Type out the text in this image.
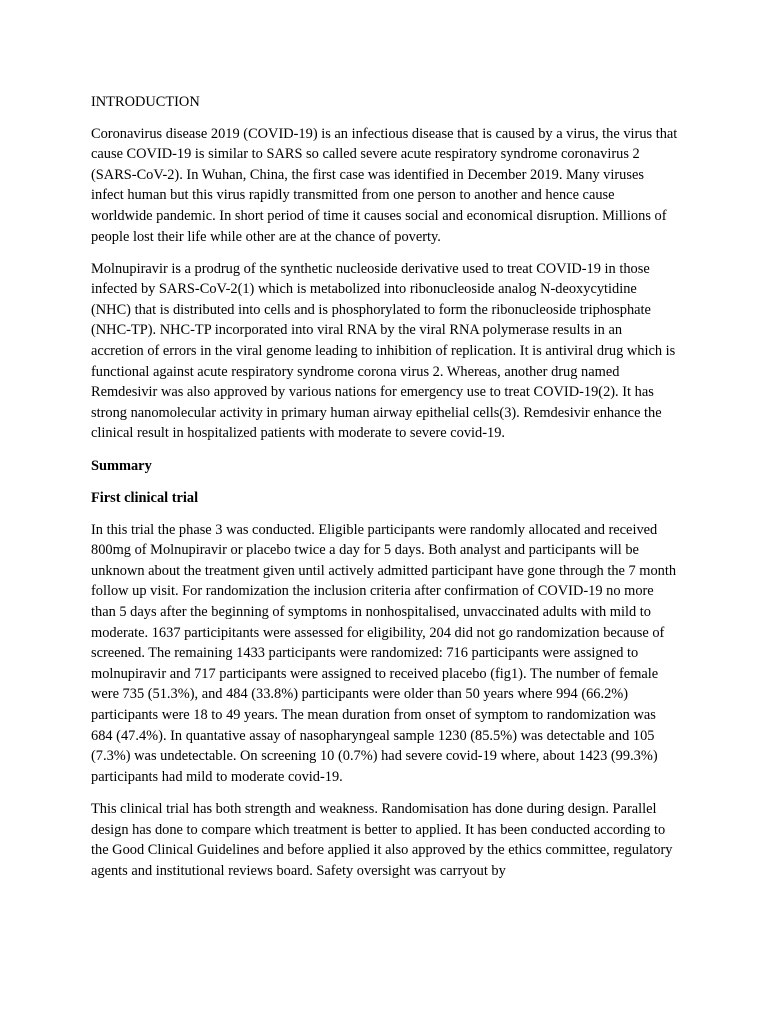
INTRODUCTION

Coronavirus disease 2019 (COVID-19) is an infectious disease that is caused by a virus, the virus that cause COVID-19 is similar to SARS so called severe acute respiratory syndrome coronavirus 2 (SARS-CoV-2). In Wuhan, China, the first case was identified in December 2019. Many viruses infect human but this virus rapidly transmitted from one person to another and hence cause worldwide pandemic. In short period of time it causes social and economical disruption. Millions of people lost their life while other are at the chance of poverty.

Molnupiravir is a prodrug of the synthetic nucleoside derivative used to treat COVID-19 in those infected by SARS-CoV-2(1) which is metabolized into ribonucleoside analog N-deoxycytidine (NHC) that is distributed into cells and is phosphorylated to form the ribonucleoside triphosphate (NHC-TP). NHC-TP incorporated into viral RNA by the viral RNA polymerase results in an accretion of errors in the viral genome leading to inhibition of replication. It is antiviral drug which is functional against acute respiratory syndrome corona virus 2. Whereas, another drug named Remdesivir was also approved by various nations for emergency use to treat COVID-19(2). It has strong nanomolecular activity in primary human airway epithelial cells(3). Remdesivir enhance the clinical result in hospitalized patients with moderate to severe covid-19.

Summary

First clinical trial

In this trial the phase 3 was conducted. Eligible participants were randomly allocated and received 800mg of Molnupiravir or placebo twice a day for 5 days. Both analyst and participants will be unknown about the treatment given until actively admitted participant have gone through the 7 month follow up visit. For randomization the inclusion criteria after confirmation of COVID-19 no more than 5 days after the beginning of symptoms in nonhospitalised, unvaccinated adults with mild to moderate. 1637 participitants were assessed for eligibility, 204 did not go randomization because of screened. The remaining 1433 participants were randomized: 716 participants were assigned to molnupiravir and 717 participants were assigned to received placebo (fig1). The number of female were 735 (51.3%), and 484 (33.8%) participants were older than 50 years where 994 (66.2%) participants were 18 to 49 years. The mean duration from onset of symptom to randomization was 684 (47.4%). In quantative assay of nasopharyngeal sample 1230 (85.5%) was detectable and 105 (7.3%) was undetectable. On screening 10 (0.7%) had severe covid-19 where, about 1423 (99.3%) participants had mild to moderate covid-19.

This clinical trial has both strength and weakness. Randomisation has done during design. Parallel design has done to compare which treatment is better to applied. It has been conducted according to the Good Clinical Guidelines and before applied it also approved by the ethics committee, regulatory agents and institutional reviews board. Safety oversight was carryout by
